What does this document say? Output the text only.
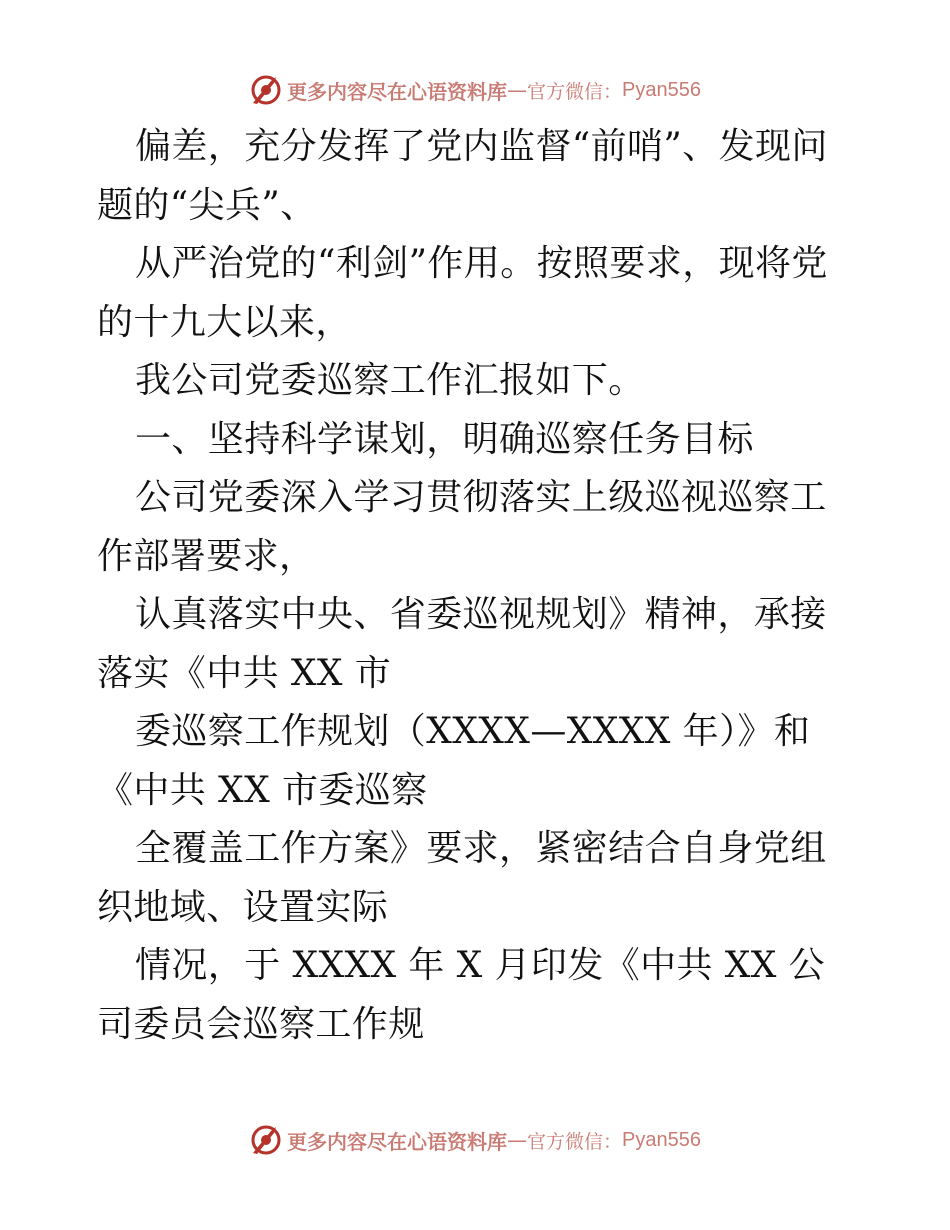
更多内容尽在心语资料库 — 官方微信： Pyan556

偏差，充分发挥了党内监督“前哨”、发现问题的“尖兵”、

从严治党的“利剑”作用。按照要求，现将党的十九大以来，

我公司党委巡察工作汇报如下。

一、坚持科学谋划，明确巡察任务目标

公司党委深入学习贯彻落实上级巡视巡察工作部署要求，

认真落实中央、省委巡视规划》精神，承接落实《中共 XX 市

委巡察工作规划（XXXX—XXXX 年）》和《中共 XX 市委巡察

全覆盖工作方案》要求，紧密结合自身党组织地域、设置实际

情况，于 XXXX 年 X 月印发《中共 XX 公司委员会巡察工作规

更多内容尽在心语资料库 — 官方微信： Pyan556
